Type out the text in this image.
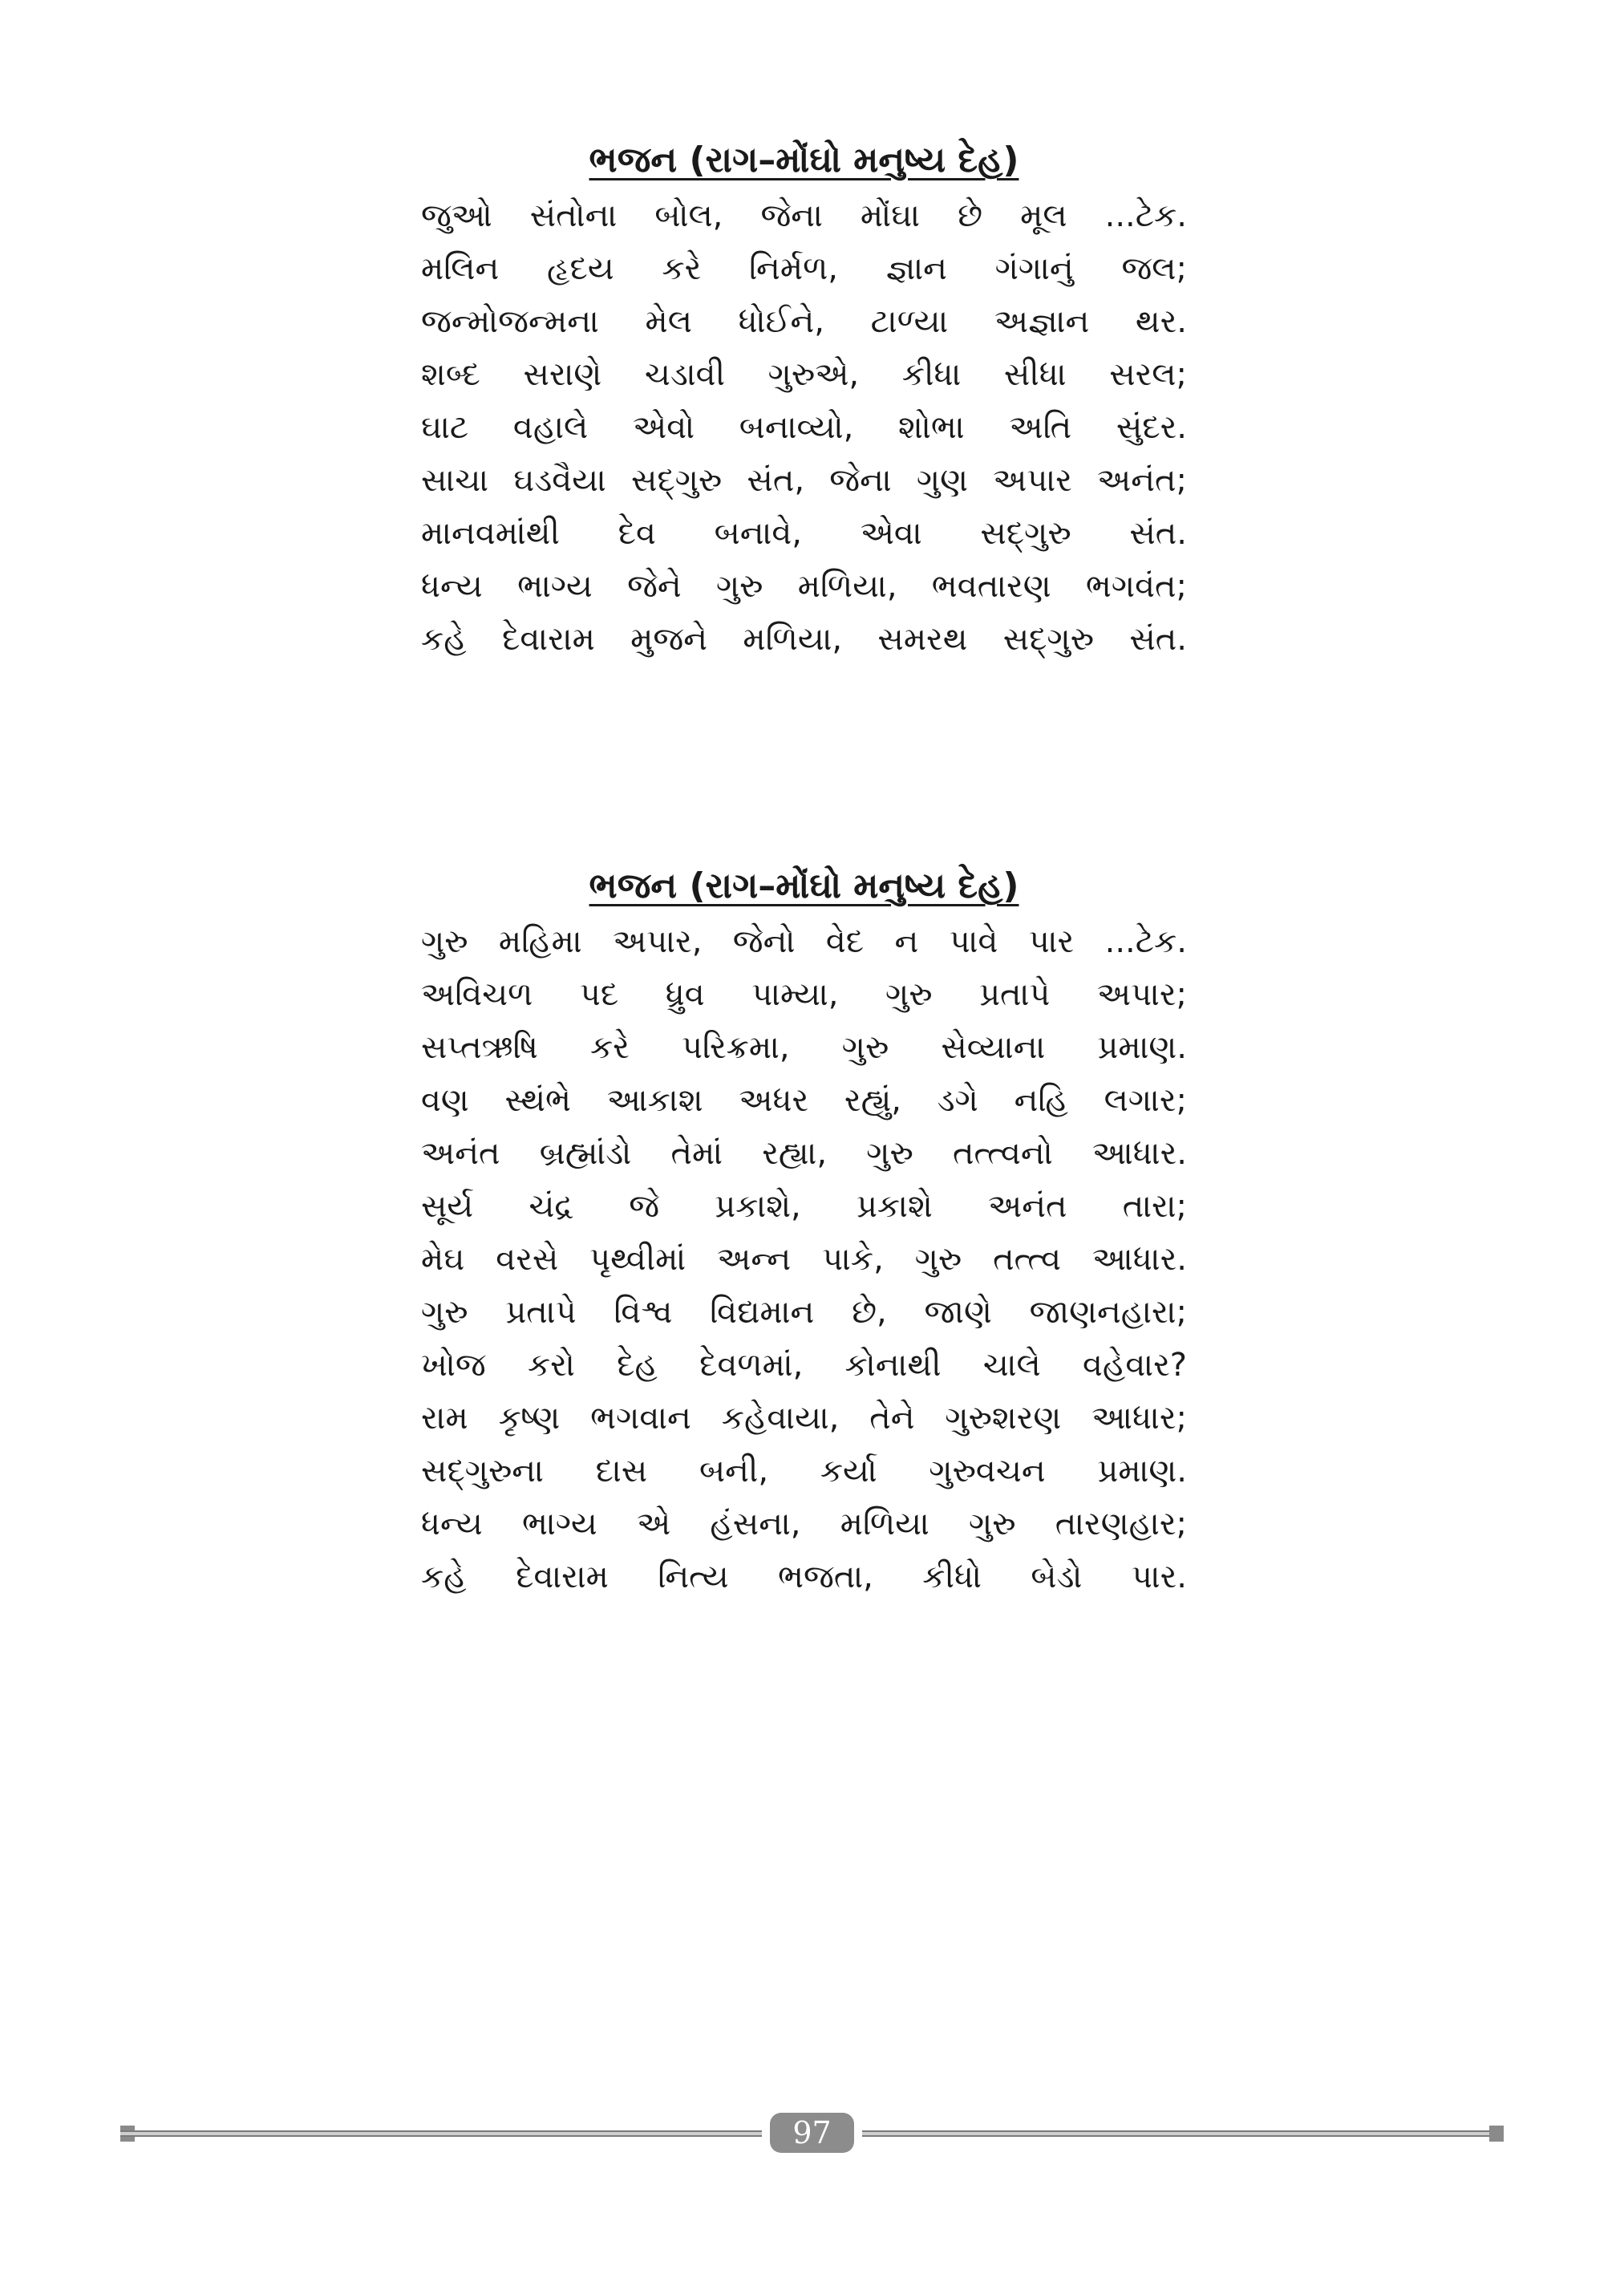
ભજન (રાગ–મોંઘો મનુષ્ય દેહ)
જુઓ સંતોના બોલ, જેના મોંઘા છે મૂલ ...ટેક.
મલિન હૃદય કરે નિર્મળ, જ્ઞાન ગંગાનું જલ;
જન્મોજન્મના મેલ ધોઈને, ટાળ્યા અજ્ઞાન થર.
શબ્દ સરાણે ચડાવી ગુરુએ, કીધા સીધા સરલ;
ઘાટ વહાલે એવો બનાવ્યો, શોભા અતિ સુંદર.
સાચા ઘડવૈયા સદ્‌ગુરુ સંત, જેના ગુણ અપાર અનંત;
માનવમાંથી દેવ બનાવે, એવા સદ્‌ગુરુ સંત.
ધન્ય ભાગ્ય જેને ગુરુ મળિયા, ભવતારણ ભગવંત;
કહે દેવારામ મુજને મળિયા, સમરથ સદ્‌ગુરુ સંત.
ભજન (રાગ–મોંઘો મનુષ્ય દેહ)
ગુરુ મહિમા અપાર, જેનો વેદ ન પાવે પાર ...ટેક.
અવિચળ પદ ધ્રુવ પામ્યા, ગુરુ પ્રતાપે અપાર;
સપ્તઋષિ કરે પરિક્રમા, ગુરુ સેવ્યાના પ્રમાણ.
વણ સ્થંભે આકાશ અધર રહ્યું, ડગે નહિ લગાર;
અનંત બ્રહ્માંડો તેમાં રહ્યા, ગુરુ તત્ત્વનો આધાર.
સૂર્ય ચંદ્ર જે પ્રકાશે, પ્રકાશે અનંત તારા;
મેઘ વરસે પૃથ્વીમાં અન્ન પાકે, ગુરુ તત્ત્વ આધાર.
ગુરુ પ્રતાપે વિશ્વ વિદ્યમાન છે, જાણે જાણનહારા;
ખોજ કરો દેહ દેવળમાં, કોનાથી ચાલે વહેવાર?
રામ કૃષ્ણ ભગવાન કહેવાયા, તેને ગુરુશરણ આધાર;
સદ્‌ગુરુના દાસ બની, કર્યા ગુરુવચન પ્રમાણ.
ધન્ય ભાગ્ય એ હંસના, મળિયા ગુરુ તારણહાર;
કહે દેવારામ નિત્ય ભજતા, કીધો બેડો પાર.
97
